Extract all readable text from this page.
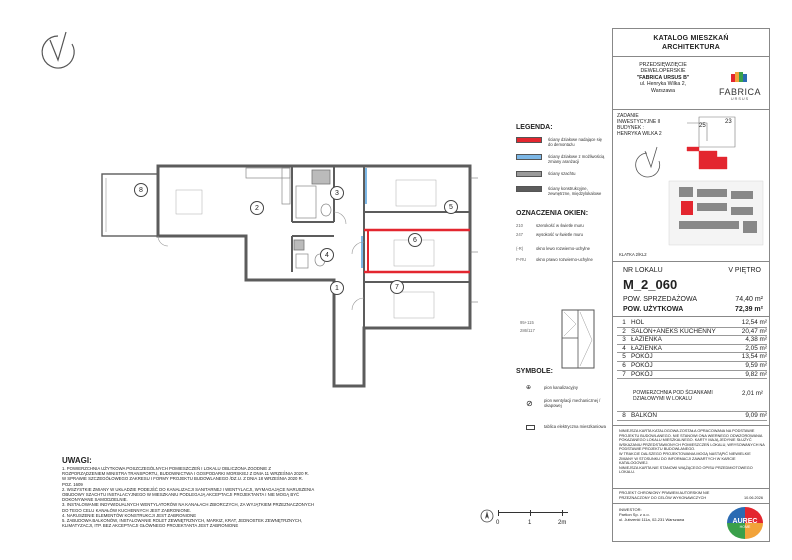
8
2
3
5
6
4
7
1
LEGENDA:
ściany działowe nadające się do demontażu
ściany działowe z możliwością zmiany aranżacji
ściany szachtu
ściany konstrukcyjne, zewnętrzne, międzylokalowe
OZNACZENIA OKIEN:
210	szerokość w świetle muru
247	wysokość w świetle muru
(-R)	okno lewo rozwierno-uchylne
P-RU	okno prawo rozwierno-uchylne
95+115
286/117
SYMBOLE:
⊕	pion kanalizacyjny
⊘	pion wentylacji mechanicznej / okapowej
tablica elektryczna mieszkaniowa
UWAGI:
1. POWIERZCHNIA UŻYTKOWA POSZCZEGÓLNYCH POMIESZCZEŃ I LOKALU OBLICZONA ZGODNIE Z ROZPORZĄDZENIEM MINISTRA TRANSPORTU, BUDOWNICTWA I GOSPODARKI MORSKIEJ Z DNIA 11 WRZEŚNIA 2020 R. W SPRAWIE SZCZEGÓŁOWEGO ZAKRESU I FORMY PROJEKTU BUDOWLANEGO /DZ.U. Z DNIA 18 WRZEŚNIA 2020 R. POZ. 1609
2. WSZYSTKIE ZMIANY W UKŁADZIE PODEJŚĆ DO KANALIZACJI SANITARNEJ I WENTYLACJI, WYMAGAJĄCE NARUSZENIA OBUDOWY SZACHTU INSTALACYJNEGO W MIESZKANIU PODLEGAJĄ AKCEPTACJI PROJEKTANTA I NIE MOGĄ BYĆ DOKONYWANE SAMODZIELNIE.
3. INSTALOWANIE INDYWIDUALNYCH WENTYLATORÓW NA KANAŁACH ZBIORCZYCH, ZA WYJĄTKIEM PRZEZNACZONYCH DO TEGO CELU KANAŁÓW KUCHENNYCH JEST ZABRONIONE.
4. NARUSZENIE ELEMENTÓW KONSTRUKCJI JEST ZABRONIONE
5. ZABUDOWA BALKONÓW, INSTALOWANIE ROLET ZEWNĘTRZNYCH, MARKIZ, KRAT, JEDNOSTEK ZEWNĘTRZNYCH, KLIMATYZACJI, ITP. BEZ AKCEPTACJI GŁÓWNEGO PROJEKTANTA JEST ZABRONIONE	0	1	2m
KATALOG MIESZKAŃ
ARCHITEKTURA
PRZEDSIĘWZIĘCIE
DEWELOPERSKIE
"FABRICA URSUS B"
ul. Henryka Wilka 2,
Warszawa	FABRICA
URSUS
ZADANIE
INWESTYCYJNE II
BUDYNEK :
HENRYKA WILKA 2
25
23
KLATKA 2/KL2
NR LOKALU	V PIĘTRO
M_2_060
POW. SPRZEDAŻOWA	74,40 m²
POW. UŻYTKOWA	72,39 m²
1 HOL	12,54 m²
2 SALON+ANEKS KUCHENNY	20,47 m²
3 ŁAZIENKA	4,38 m²
4 ŁAZIENKA	2,05 m²
5 POKÓJ	13,54 m²
6 POKÓJ	9,59 m²
7 POKÓJ	9,82 m²
POWIERZCHNIA POD ŚCIANKAMI DZIAŁOWYMI W LOKALU
2,01 m²
8 BALKON	9,09 m²
NINIEJSZA KARTA KATALOGOWA ZOSTAŁA OPRACOWANA NA PODSTAWIE PROJEKTU BUDOWLANEGO. NIE STANOWI ONA WIERNEGO ODWZOROWANIA POKAZANEGO LOKALU MIESZKALNEGO. KARTY MAJĄ JEDYNIE SŁUŻYĆ WSKAZANIU PRZEDSTAWIONYCH POMIESZCZEŃ LOKALU, WRYSOWANYCH NA PODSTAWIE PROJEKTU BUDOWLANEGO.
W TRAKCIE DALSZEGO PROJEKTOWANIA MOGĄ NASTĄPIĆ NIEWIELKIE ZMIANY W STOSUNKU DO INFORMACJI ZAWARTYCH W KARCIE KATALOGOWEJ.
NINIEJSZA KARTA NIE STANOWI WIĄŻĄCEGO OPISU PRZEDMIOTOWEGO LOKALU.
PROJEKT CHRONIONY PRAWEM AUTORSKIM NIE PRZEZNACZONY DO CELÓW WYKONAWCZYCH	10.06.2026
INWESTOR:
Partion Sp. z o.o.
ul. Jutrzenki 111a, 02-231 Warszawa	AUREC
HOME
